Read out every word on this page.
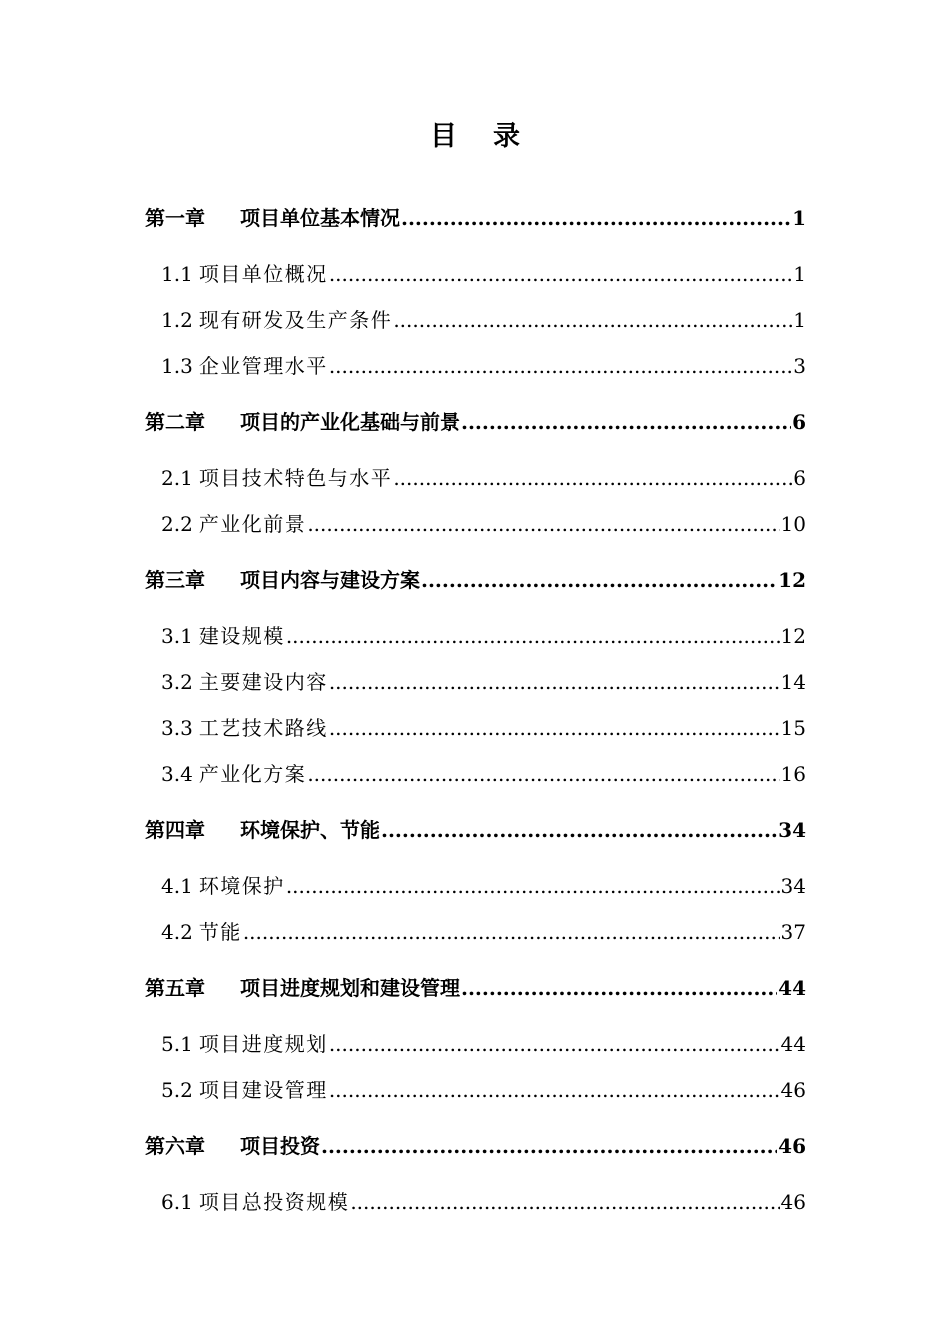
目 录
第一章	项目单位基本情况 .....	1
1.1 项目单位概况 .....	1
1.2 现有研发及生产条件 .....	1
1.3 企业管理水平 .....	3
第二章	项目的产业化基础与前景 .....	6
2.1 项目技术特色与水平 .....	6
2.2 产业化前景 .....	10
第三章	项目内容与建设方案 .....	12
3.1 建设规模 .....	12
3.2 主要建设内容 .....	14
3.3 工艺技术路线 .....	15
3.4 产业化方案 .....	16
第四章	环境保护、节能 .....	34
4.1 环境保护 .....	34
4.2 节能 .....	37
第五章	项目进度规划和建设管理 .....	44
5.1 项目进度规划 .....	44
5.2 项目建设管理 .....	46
第六章	项目投资 .....	46
6.1 项目总投资规模 .....	46
